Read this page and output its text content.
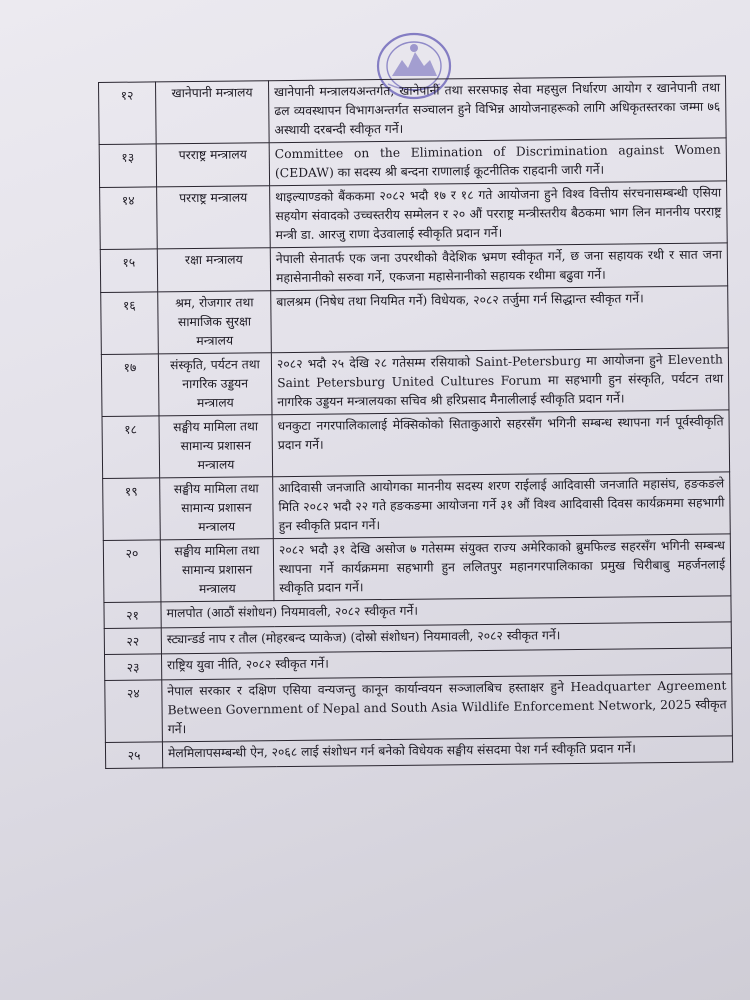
१२	खानेपानी मन्त्रालय	खानेपानी मन्त्रालयअन्तर्गत, खानेपानी तथा सरसफाइ सेवा महसुल निर्धारण आयोग र खानेपानी तथा ढल व्यवस्थापन विभागअन्तर्गत सञ्चालन हुने विभिन्न आयोजनाहरूको लागि अधिकृतस्तरका जम्मा ७६ अस्थायी दरबन्दी स्वीकृत गर्ने।
१३	परराष्ट्र मन्त्रालय	Committee on the Elimination of Discrimination against Women (CEDAW) का सदस्य श्री बन्दना राणालाई कूटनीतिक राहदानी जारी गर्ने।
१४	परराष्ट्र मन्त्रालय	थाइल्याण्डको बैंककमा २०८२ भदौ १७ र १८ गते आयोजना हुने विश्व वित्तीय संरचनासम्बन्धी एसिया सहयोग संवादको उच्चस्तरीय सम्मेलन र २० औं परराष्ट्र मन्त्रीस्तरीय बैठकमा भाग लिन माननीय परराष्ट्र मन्त्री डा. आरजु राणा देउवालाई स्वीकृति प्रदान गर्ने।
१५	रक्षा मन्त्रालय	नेपाली सेनातर्फ एक जना उपरथीको वैदेशिक भ्रमण स्वीकृत गर्ने, छ जना सहायक रथी र सात जना महासेनानीको सरुवा गर्ने, एकजना महासेनानीको सहायक रथीमा बढुवा गर्ने।
१६	श्रम, रोजगार तथा सामाजिक सुरक्षा मन्त्रालय	बालश्रम (निषेध तथा नियमित गर्ने) विधेयक, २०८२ तर्जुमा गर्न सिद्धान्त स्वीकृत गर्ने।
१७	संस्कृति, पर्यटन तथा नागरिक उड्डयन मन्त्रालय	२०८२ भदौ २५ देखि २८ गतेसम्म रसियाको Saint-Petersburg मा आयोजना हुने Eleventh Saint Petersburg United Cultures Forum मा सहभागी हुन संस्कृति, पर्यटन तथा नागरिक उड्डयन मन्त्रालयका सचिव श्री हरिप्रसाद मैनालीलाई स्वीकृति प्रदान गर्ने।
१८	सङ्घीय मामिला तथा सामान्य प्रशासन मन्त्रालय	धनकुटा नगरपालिकालाई मेक्सिकोको सिताकुआरो सहरसँग भगिनी सम्बन्ध स्थापना गर्न पूर्वस्वीकृति प्रदान गर्ने।
१९	सङ्घीय मामिला तथा सामान्य प्रशासन मन्त्रालय	आदिवासी जनजाति आयोगका माननीय सदस्य शरण राईलाई आदिवासी जनजाति महासंघ, हङकङले मिति २०८२ भदौ २२ गते हङकङमा आयोजना गर्ने ३१ औं विश्व आदिवासी दिवस कार्यक्रममा सहभागी हुन स्वीकृति प्रदान गर्ने।
२०	सङ्घीय मामिला तथा सामान्य प्रशासन मन्त्रालय	२०८२ भदौ ३१ देखि असोज ७ गतेसम्म संयुक्त राज्य अमेरिकाको ब्रुमफिल्ड सहरसँग भगिनी सम्बन्ध स्थापना गर्ने कार्यक्रममा सहभागी हुन ललितपुर महानगरपालिकाका प्रमुख चिरीबाबु महर्जनलाई स्वीकृति प्रदान गर्ने।
२१	मालपोत (आठौं संशोधन) नियमावली, २०८२ स्वीकृत गर्ने।	
२२	स्ट्यान्डर्ड नाप र तौल (मोहरबन्द प्याकेज) (दोस्रो संशोधन) नियमावली, २०८२ स्वीकृत गर्ने।	
२३	राष्ट्रिय युवा नीति, २०८२ स्वीकृत गर्ने।	
२४	नेपाल सरकार र दक्षिण एसिया वन्यजन्तु कानून कार्यान्वयन सञ्जालबिच हस्ताक्षर हुने Headquarter Agreement Between Government of Nepal and South Asia Wildlife Enforcement Network, 2025 स्वीकृत गर्ने।	
२५	मेलमिलापसम्बन्धी ऐन, २०६८ लाई संशोधन गर्न बनेको विधेयक सङ्घीय संसदमा पेश गर्न स्वीकृति प्रदान गर्ने।	
